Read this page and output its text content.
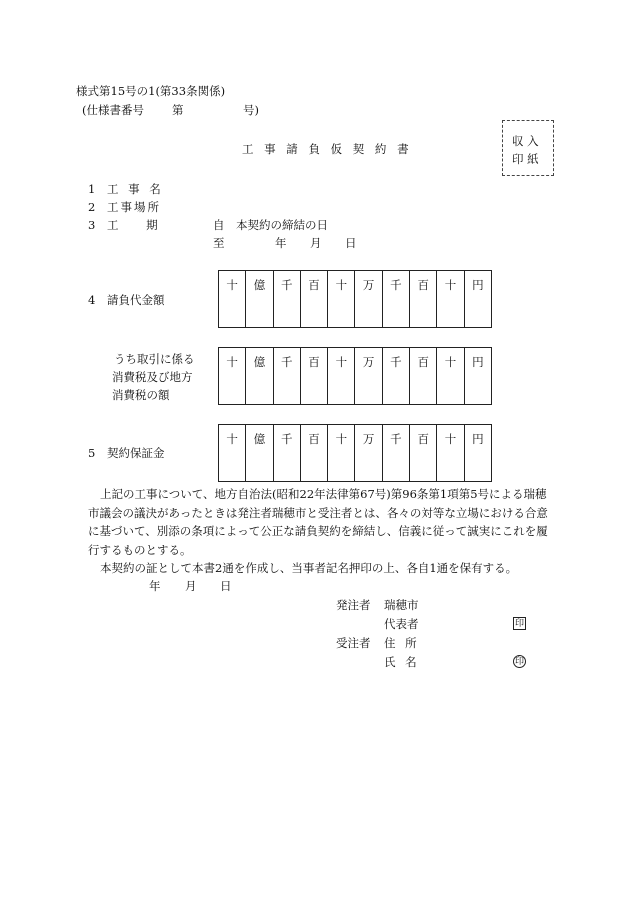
様式第15号の1(第33条関係)
(仕様書番号 第	号)
工 事 請 負 仮 契 約 書
収 入
印 紙
1 工 事 名
2 工事場所
3 工 期	自 本契約の締結の日
至	年 月 日
4 請負代金額
十	億	千	百	十	万	千	百	十	円
うち取引に係る
消費税及び地方
消費税の額
十	億	千	百	十	万	千	百	十	円
5 契約保証金
十	億	千	百	十	万	千	百	十	円
上記の工事について、地方自治法(昭和22年法律第67号)第96条第1項第5号による瑞穂市議会の議決があったときは発注者瑞穂市と受注者とは、各々の対等な立場における合意に基づいて、別添の条項によって公正な請負契約を締結し、信義に従って誠実にこれを履行するものとする。
本契約の証として本書2通を作成し、当事者記名押印の上、各自1通を保有する。
年 月 日
発注者 瑞穂市
代表者	印
受注者 住 所
氏 名	印
